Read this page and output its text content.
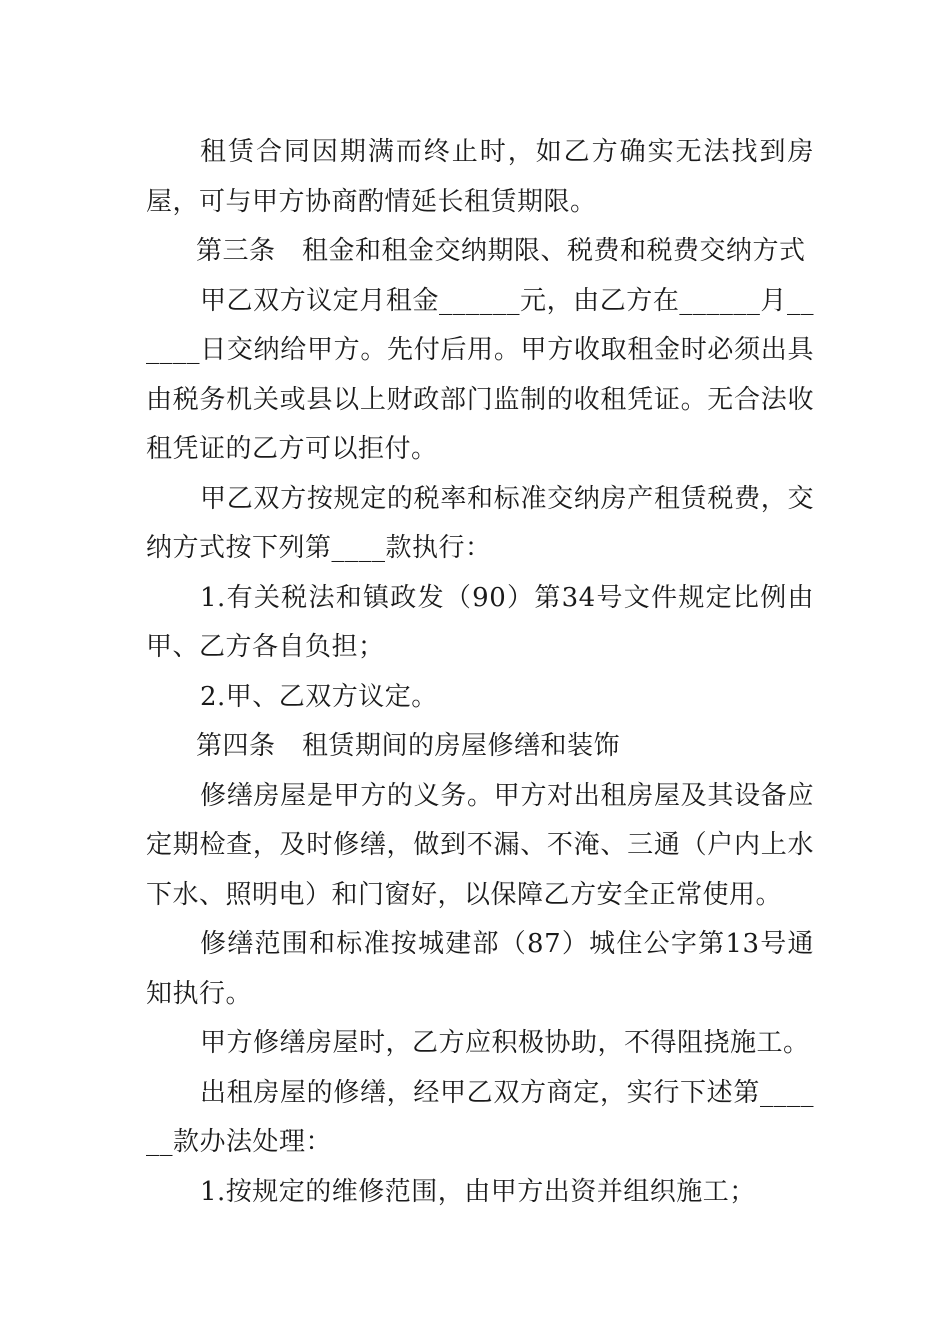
租赁合同因期满而终止时，如乙方确实无法找到房屋，可与甲方协商酌情延长租赁期限。

第三条　租金和租金交纳期限、税费和税费交纳方式

甲乙双方议定月租金______元，由乙方在______月______日交纳给甲方。先付后用。甲方收取租金时必须出具由税务机关或县以上财政部门监制的收租凭证。无合法收租凭证的乙方可以拒付。

甲乙双方按规定的税率和标准交纳房产租赁税费，交纳方式按下列第____款执行：

1.有关税法和镇政发（90）第34号文件规定比例由甲、乙方各自负担；

2.甲、乙双方议定。

第四条　租赁期间的房屋修缮和装饰

修缮房屋是甲方的义务。甲方对出租房屋及其设备应定期检查，及时修缮，做到不漏、不淹、三通（户内上水下水、照明电）和门窗好，以保障乙方安全正常使用。

修缮范围和标准按城建部（87）城住公字第13号通知执行。

甲方修缮房屋时，乙方应积极协助，不得阻挠施工。

出租房屋的修缮，经甲乙双方商定，实行下述第______款办法处理：

1.按规定的维修范围，由甲方出资并组织施工；
